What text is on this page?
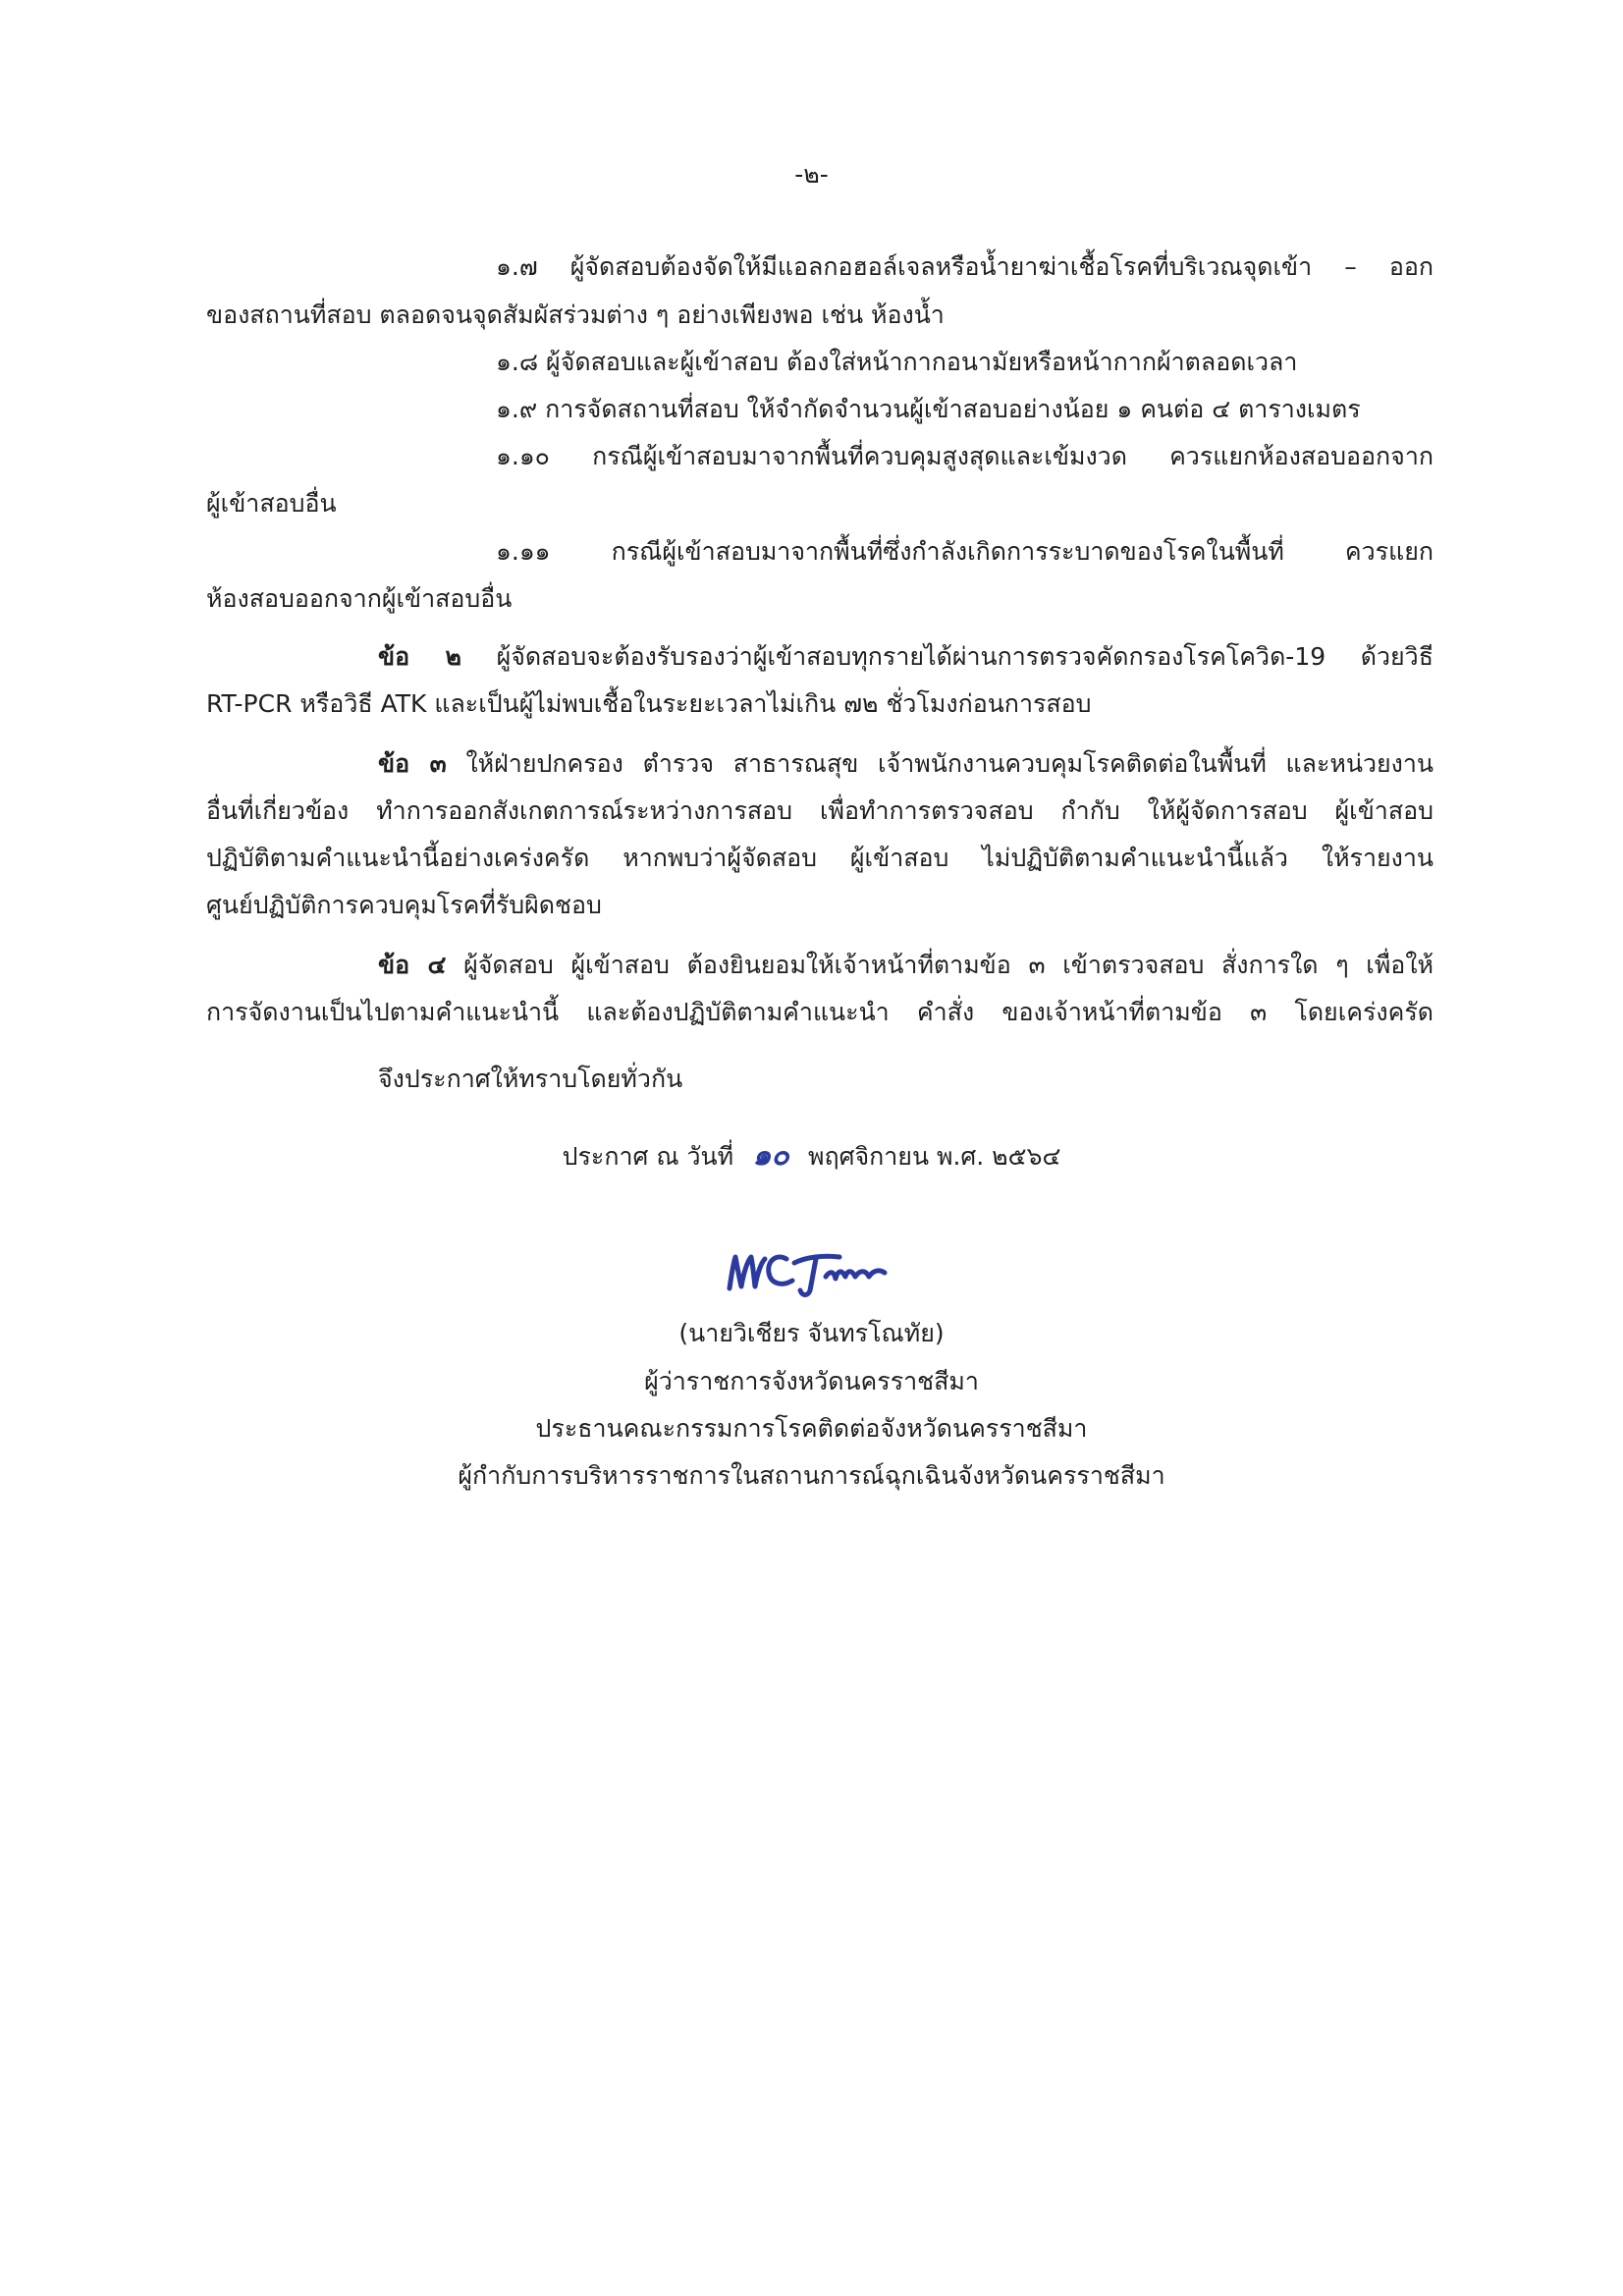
-๒-
๑.๗ ผู้จัดสอบต้องจัดให้มีแอลกอฮอล์เจลหรือน้ำยาฆ่าเชื้อโรคที่บริเวณจุดเข้า – ออก
ของสถานที่สอบ ตลอดจนจุดสัมผัสร่วมต่าง ๆ อย่างเพียงพอ เช่น ห้องน้ำ
๑.๘ ผู้จัดสอบและผู้เข้าสอบ ต้องใส่หน้ากากอนามัยหรือหน้ากากผ้าตลอดเวลา
๑.๙ การจัดสถานที่สอบ ให้จำกัดจำนวนผู้เข้าสอบอย่างน้อย ๑ คนต่อ ๔ ตารางเมตร
๑.๑๐ กรณีผู้เข้าสอบมาจากพื้นที่ควบคุมสูงสุดและเข้มงวด ควรแยกห้องสอบออกจาก
ผู้เข้าสอบอื่น
๑.๑๑ กรณีผู้เข้าสอบมาจากพื้นที่ซึ่งกำลังเกิดการระบาดของโรคในพื้นที่ ควรแยก
ห้องสอบออกจากผู้เข้าสอบอื่น
ข้อ ๒ ผู้จัดสอบจะต้องรับรองว่าผู้เข้าสอบทุกรายได้ผ่านการตรวจคัดกรองโรคโควิด-19 ด้วยวิธี
RT-PCR หรือวิธี ATK และเป็นผู้ไม่พบเชื้อในระยะเวลาไม่เกิน ๗๒ ชั่วโมงก่อนการสอบ
ข้อ ๓ ให้ฝ่ายปกครอง ตำรวจ สาธารณสุข เจ้าพนักงานควบคุมโรคติดต่อในพื้นที่ และหน่วยงาน
อื่นที่เกี่ยวข้อง ทำการออกสังเกตการณ์ระหว่างการสอบ เพื่อทำการตรวจสอบ กำกับ ให้ผู้จัดการสอบ ผู้เข้าสอบ
ปฏิบัติตามคำแนะนำนี้อย่างเคร่งครัด หากพบว่าผู้จัดสอบ ผู้เข้าสอบ ไม่ปฏิบัติตามคำแนะนำนี้แล้ว ให้รายงาน
ศูนย์ปฏิบัติการควบคุมโรคที่รับผิดชอบ
ข้อ ๔ ผู้จัดสอบ ผู้เข้าสอบ ต้องยินยอมให้เจ้าหน้าที่ตามข้อ ๓ เข้าตรวจสอบ สั่งการใด ๆ เพื่อให้
การจัดงานเป็นไปตามคำแนะนำนี้ และต้องปฏิบัติตามคำแนะนำ คำสั่ง ของเจ้าหน้าที่ตามข้อ ๓ โดยเคร่งครัด
จึงประกาศให้ทราบโดยทั่วกัน
ประกาศ ณ วันที่ ๑๐ พฤศจิกายน พ.ศ. ๒๕๖๔
(นายวิเชียร จันทรโณทัย)
ผู้ว่าราชการจังหวัดนครราชสีมา
ประธานคณะกรรมการโรคติดต่อจังหวัดนครราชสีมา
ผู้กำกับการบริหารราชการในสถานการณ์ฉุกเฉินจังหวัดนครราชสีมา
